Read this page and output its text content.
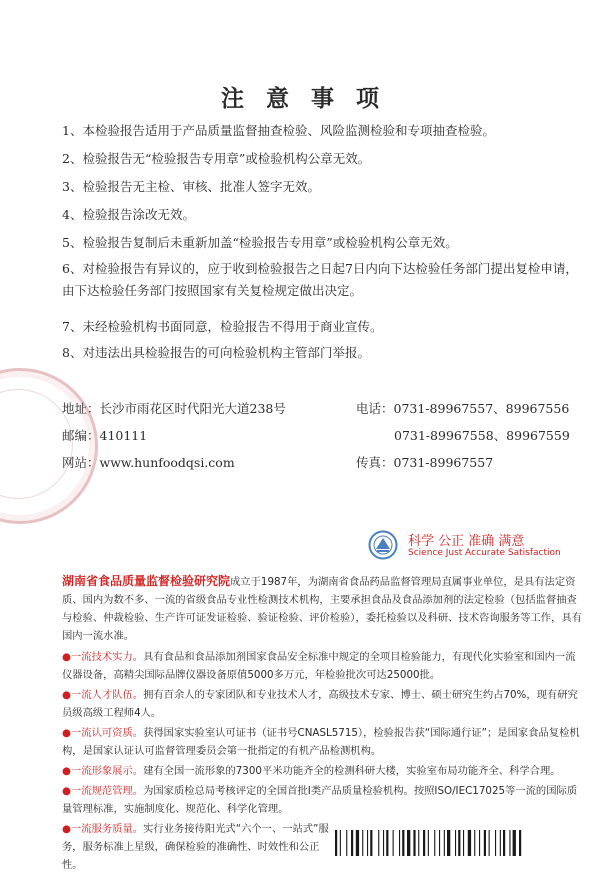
注意事项
1、本检验报告适用于产品质量监督抽查检验、风险监测检验和专项抽查检验。
2、检验报告无“检验报告专用章”或检验机构公章无效。
3、检验报告无主检、审核、批准人签字无效。
4、检验报告涂改无效。
5、检验报告复制后未重新加盖“检验报告专用章”或检验机构公章无效。
6、对检验报告有异议的，应于收到检验报告之日起7日内向下达检验任务部门提出复检申请，由下达检验任务部门按照国家有关复检规定做出决定。
7、未经检验机构书面同意，检验报告不得用于商业宣传。
8、对违法出具检验报告的可向检验机构主管部门举报。
地址：长沙市雨花区时代阳光大道238号
邮编：410111
网站：www.hunfoodqsi.com
电话：0731-89967557、89967556
0731-89967558、89967559
传真：0731-89967557
科学 公正 准确 满意
Science Just Accurate Satisfaction
湖南省食品质量监督检验研究院成立于1987年，为湖南省食品药品监督管理局直属事业单位，是具有法定资质、国内为数不多、一流的省级食品专业性检测技术机构，主要承担食品及食品添加剂的法定检验（包括监督抽查与检验、仲裁检验、生产许可证发证检验、验证检验、评价检验），委托检验以及科研、技术咨询服务等工作，具有国内一流水准。
●一流技术实力。具有食品和食品添加剂国家食品安全标准中规定的全项目检验能力，有现代化实验室和国内一流仪器设备，高精尖国际品牌仪器设备原值5000多万元，年检验批次可达25000批。
●一流人才队伍。拥有百余人的专家团队和专业技术人才，高级技术专家、博士、硕士研究生约占70%，现有研究员级高级工程师4人。
●一流认可资质。获得国家实验室认可证书（证书号CNASL5715），检验报告获“国际通行证”；是国家食品复检机构，是国家认证认可监督管理委员会第一批指定的有机产品检测机构。
●一流形象展示。建有全国一流形象的7300平米功能齐全的检测科研大楼，实验室布局功能齐全、科学合理。
●一流规范管理。为国家质检总局考核评定的全国首批Ⅰ类产品质量检验机构。按照ISO/IEC17025等一流的国际质量管理标准，实施制度化、规范化、科学化管理。
●一流服务质量。实行业务接待阳光式“六个一、一站式”服务，服务标准上星级，确保检验的准确性、时效性和公正性。
